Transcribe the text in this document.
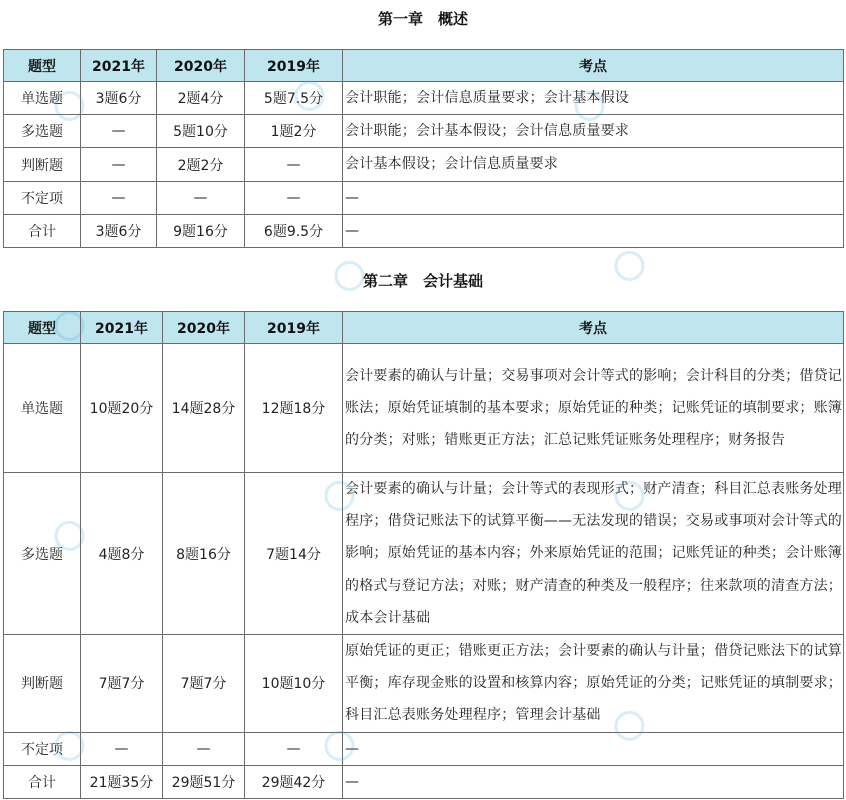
第一章　概述
题型	2021年	2020年	2019年	考点
单选题	3题6分	2题4分	5题7.5分	会计职能；会计信息质量要求；会计基本假设
多选题	—	5题10分	1题2分	会计职能；会计基本假设；会计信息质量要求
判断题	—	2题2分	—	会计基本假设；会计信息质量要求
不定项	—	—	—	—
合计	3题6分	9题16分	6题9.5分	—
第二章　会计基础
题型	2021年	2020年	2019年	考点
单选题	10题20分	14题28分	12题18分	会计要素的确认与计量；交易事项对会计等式的影响；会计科目的分类；借贷记账法；原始凭证填制的基本要求；原始凭证的种类；记账凭证的填制要求；账簿的分类；对账；错账更正方法；汇总记账凭证账务处理程序；财务报告
多选题	4题8分	8题16分	7题14分	会计要素的确认与计量；会计等式的表现形式；财产清查；科目汇总表账务处理程序；借贷记账法下的试算平衡——无法发现的错误；交易或事项对会计等式的影响；原始凭证的基本内容；外来原始凭证的范围；记账凭证的种类；会计账簿的格式与登记方法；对账；财产清查的种类及一般程序；往来款项的清查方法；成本会计基础
判断题	7题7分	7题7分	10题10分	原始凭证的更正；错账更正方法；会计要素的确认与计量；借贷记账法下的试算平衡；库存现金账的设置和核算内容；原始凭证的分类；记账凭证的填制要求；科目汇总表账务处理程序；管理会计基础
不定项	—	—	—	—
合计	21题35分	29题51分	29题42分	—
